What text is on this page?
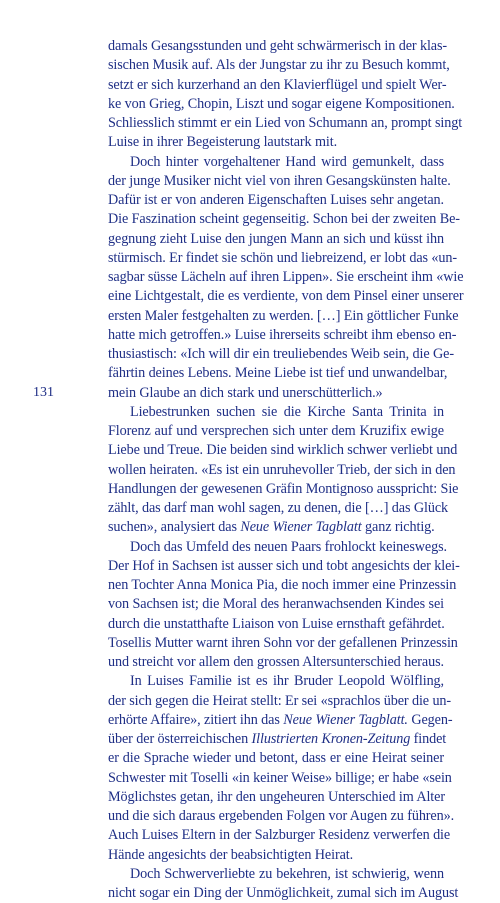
131
damals Gesangsstunden und geht schwärmerisch in der klas-
sischen Musik auf. Als der Jungstar zu ihr zu Besuch kommt,
setzt er sich kurzerhand an den Klavierflügel und spielt Wer-
ke von Grieg, Chopin, Liszt und sogar eigene Kompositionen.
Schliesslich stimmt er ein Lied von Schumann an, prompt singt
Luise in ihrer Begeisterung lautstark mit.
Doch hinter vorgehaltener Hand wird gemunkelt, dass
der junge Musiker nicht viel von ihren Gesangskünsten halte.
Dafür ist er von anderen Eigenschaften Luises sehr angetan.
Die Faszination scheint gegenseitig. Schon bei der zweiten Be-
gegnung zieht Luise den jungen Mann an sich und küsst ihn
stürmisch. Er findet sie schön und liebreizend, er lobt das «un-
sagbar süsse Lächeln auf ihren Lippen». Sie erscheint ihm «wie
eine Lichtgestalt, die es verdiente, von dem Pinsel einer unserer
ersten Maler festgehalten zu werden. […] Ein göttlicher Funke
hatte mich getroffen.» Luise ihrerseits schreibt ihm ebenso en-
thusiastisch: «Ich will dir ein treuliebendes Weib sein, die Ge-
fährtin deines Lebens. Meine Liebe ist tief und unwandelbar,
mein Glaube an dich stark und unerschütterlich.»
Liebestrunken suchen sie die Kirche Santa Trinita in
Florenz auf und versprechen sich unter dem Kruzifix ewige
Liebe und Treue. Die beiden sind wirklich schwer verliebt und
wollen heiraten. «Es ist ein unruhevoller Trieb, der sich in den
Handlungen der gewesenen Gräfin Montignoso ausspricht: Sie
zählt, das darf man wohl sagen, zu denen, die […] das Glück
suchen», analysiert das Neue Wiener Tagblatt ganz richtig.
Doch das Umfeld des neuen Paars frohlockt keineswegs.
Der Hof in Sachsen ist ausser sich und tobt angesichts der klei-
nen Tochter Anna Monica Pia, die noch immer eine Prinzessin
von Sachsen ist; die Moral des heranwachsenden Kindes sei
durch die unstatthafte Liaison von Luise ernsthaft gefährdet.
Tosellis Mutter warnt ihren Sohn vor der gefallenen Prinzessin
und streicht vor allem den grossen Altersunterschied heraus.
In Luises Familie ist es ihr Bruder Leopold Wölfling,
der sich gegen die Heirat stellt: Er sei «sprachlos über die un-
erhörte Affaire», zitiert ihn das Neue Wiener Tagblatt. Gegen-
über der österreichischen Illustrierten Kronen-Zeitung findet
er die Sprache wieder und betont, dass er eine Heirat seiner
Schwester mit Toselli «in keiner Weise» billige; er habe «sein
Möglichstes getan, ihr den ungeheuren Unterschied im Alter
und die sich daraus ergebenden Folgen vor Augen zu führen».
Auch Luises Eltern in der Salzburger Residenz verwerfen die
Hände angesichts der beabsichtigten Heirat.
Doch Schwerverliebte zu bekehren, ist schwierig, wenn
nicht sogar ein Ding der Unmöglichkeit, zumal sich im August
